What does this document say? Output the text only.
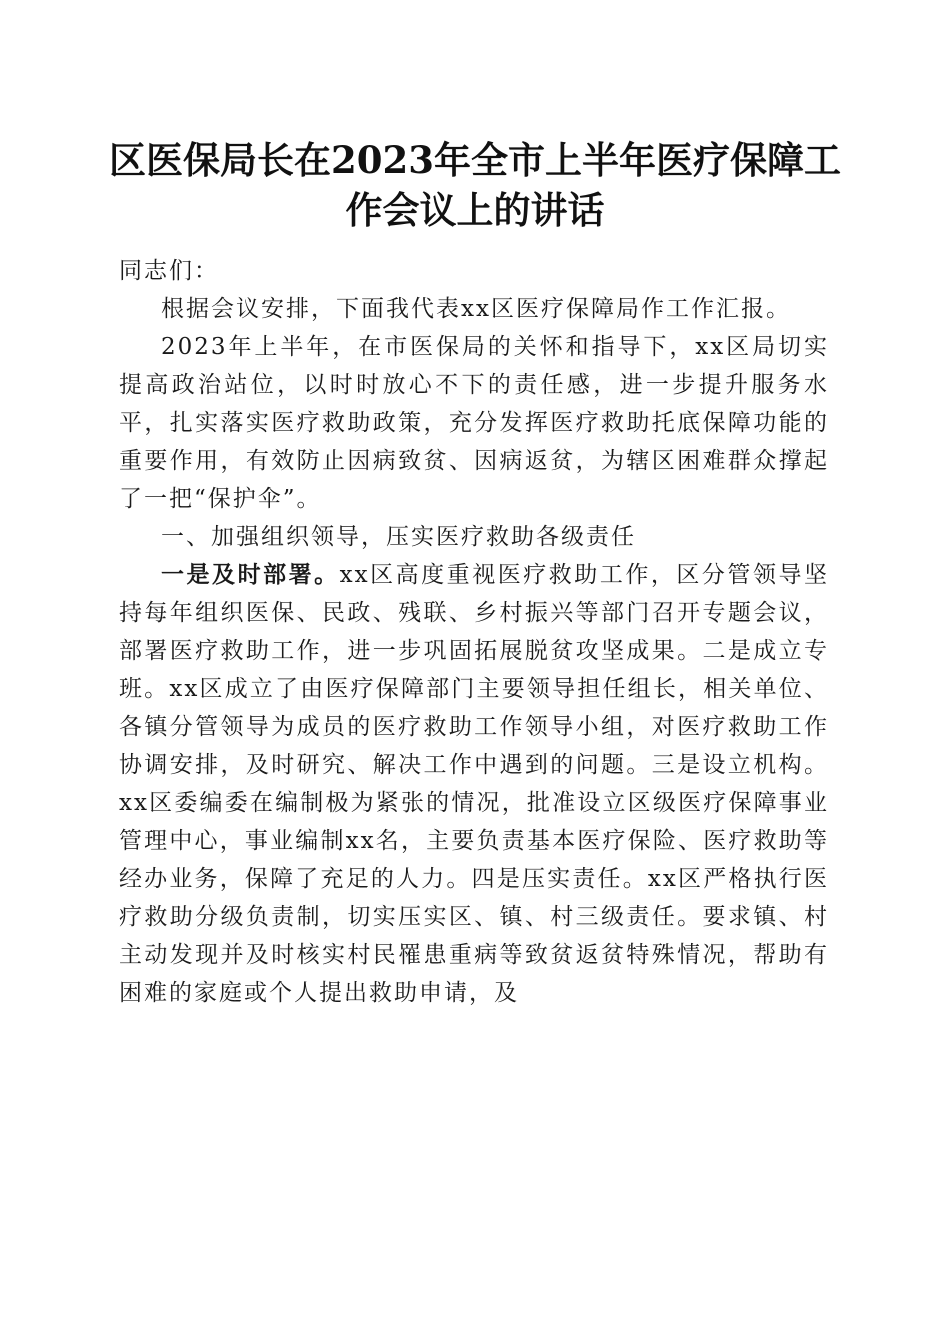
区医保局长在2023年全市上半年医疗保障工作会议上的讲话

同志们：

根据会议安排，下面我代表xx区医疗保障局作工作汇报。

2023年上半年，在市医保局的关怀和指导下，xx区局切实提高政治站位，以时时放心不下的责任感，进一步提升服务水平，扎实落实医疗救助政策，充分发挥医疗救助托底保障功能的重要作用，有效防止因病致贫、因病返贫，为辖区困难群众撑起了一把“保护伞”。

一、加强组织领导，压实医疗救助各级责任

一是及时部署。xx区高度重视医疗救助工作，区分管领导坚持每年组织医保、民政、残联、乡村振兴等部门召开专题会议，部署医疗救助工作，进一步巩固拓展脱贫攻坚成果。二是成立专班。xx区成立了由医疗保障部门主要领导担任组长，相关单位、各镇分管领导为成员的医疗救助工作领导小组，对医疗救助工作协调安排，及时研究、解决工作中遇到的问题。三是设立机构。xx区委编委在编制极为紧张的情况，批准设立区级医疗保障事业管理中心，事业编制xx名，主要负责基本医疗保险、医疗救助等经办业务，保障了充足的人力。四是压实责任。xx区严格执行医疗救助分级负责制，切实压实区、镇、村三级责任。要求镇、村主动发现并及时核实村民罹患重病等致贫返贫特殊情况，帮助有困难的家庭或个人提出救助申请，及
